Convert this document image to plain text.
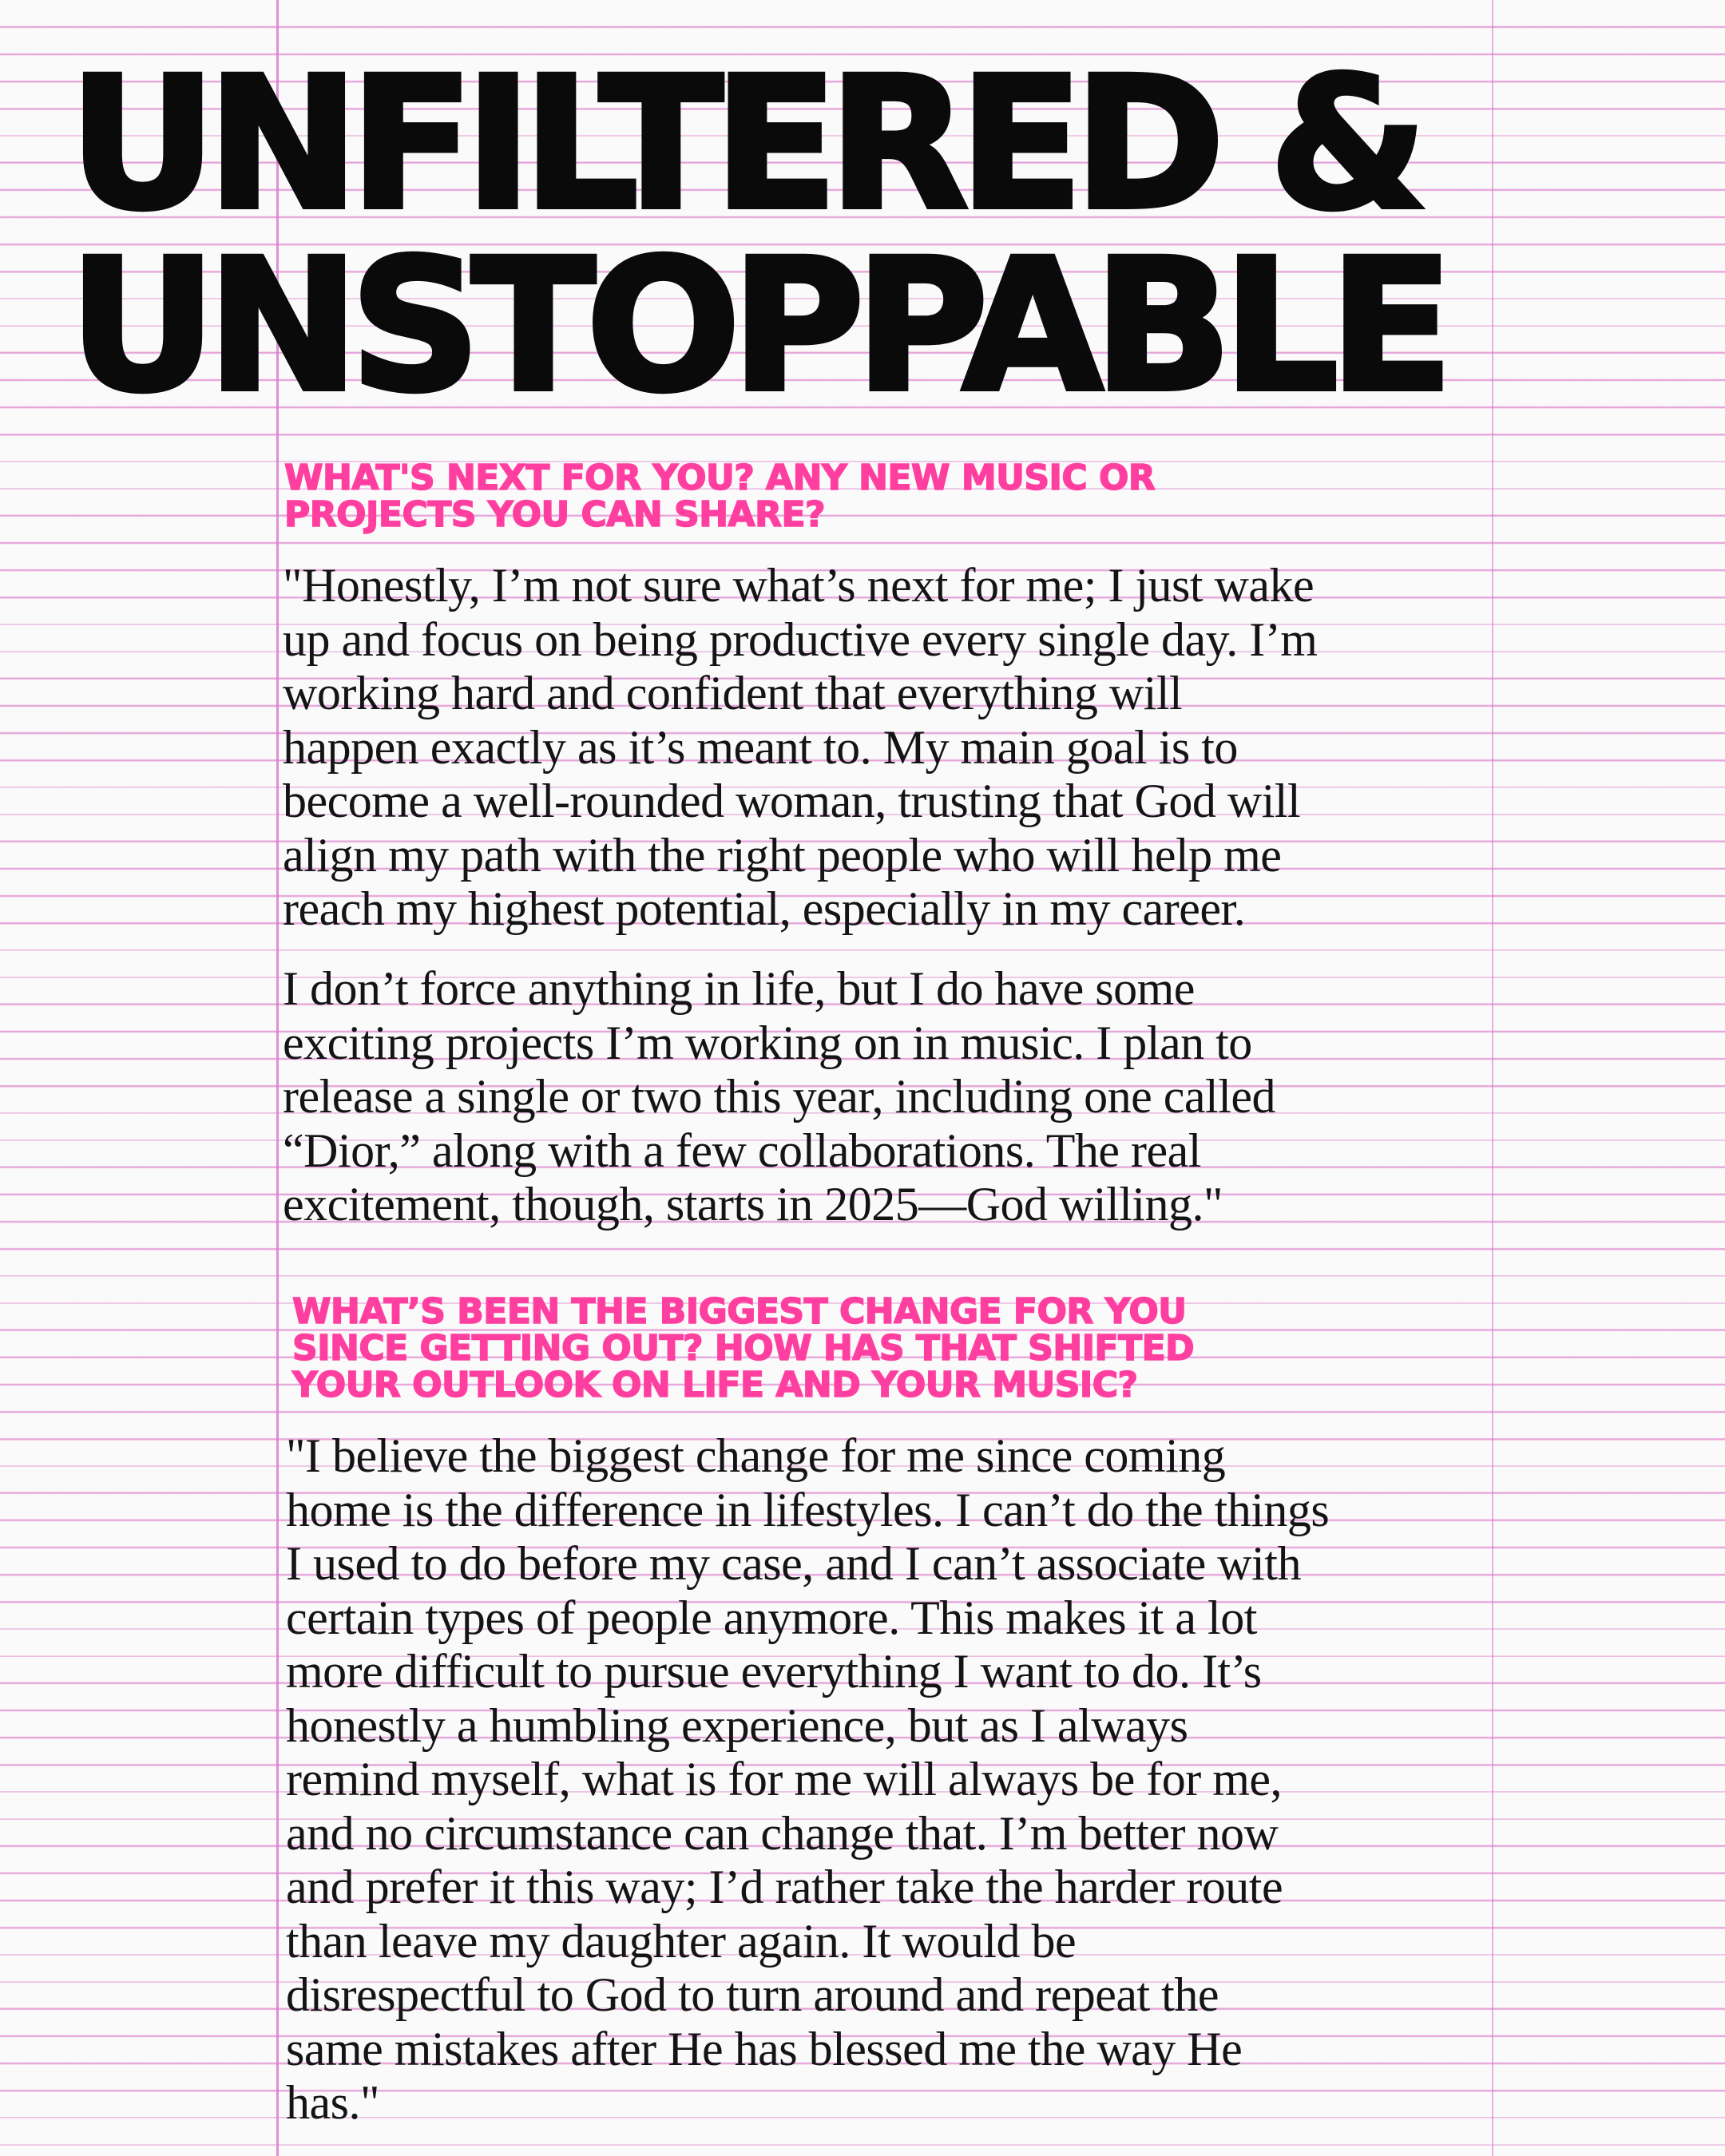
UNFILTERED &
UNSTOPPABLE
WHAT'S NEXT FOR YOU? ANY NEW MUSIC OR
PROJECTS YOU CAN SHARE?

"Honestly, I’m not sure what’s next for me; I just wake
up and focus on being productive every single day. I’m
working hard and confident that everything will
happen exactly as it’s meant to. My main goal is to
become a well-rounded woman, trusting that God will
align my path with the right people who will help me
reach my highest potential, especially in my career.

I don’t force anything in life, but I do have some
exciting projects I’m working on in music. I plan to
release a single or two this year, including one called
“Dior,” along with a few collaborations. The real
excitement, though, starts in 2025—God willing."

WHAT’S BEEN THE BIGGEST CHANGE FOR YOU
SINCE GETTING OUT? HOW HAS THAT SHIFTED
YOUR OUTLOOK ON LIFE AND YOUR MUSIC?

"I believe the biggest change for me since coming
home is the difference in lifestyles. I can’t do the things
I used to do before my case, and I can’t associate with
certain types of people anymore. This makes it a lot
more difficult to pursue everything I want to do. It’s
honestly a humbling experience, but as I always
remind myself, what is for me will always be for me,
and no circumstance can change that. I’m better now
and prefer it this way; I’d rather take the harder route
than leave my daughter again. It would be
disrespectful to God to turn around and repeat the
same mistakes after He has blessed me the way He
has."
